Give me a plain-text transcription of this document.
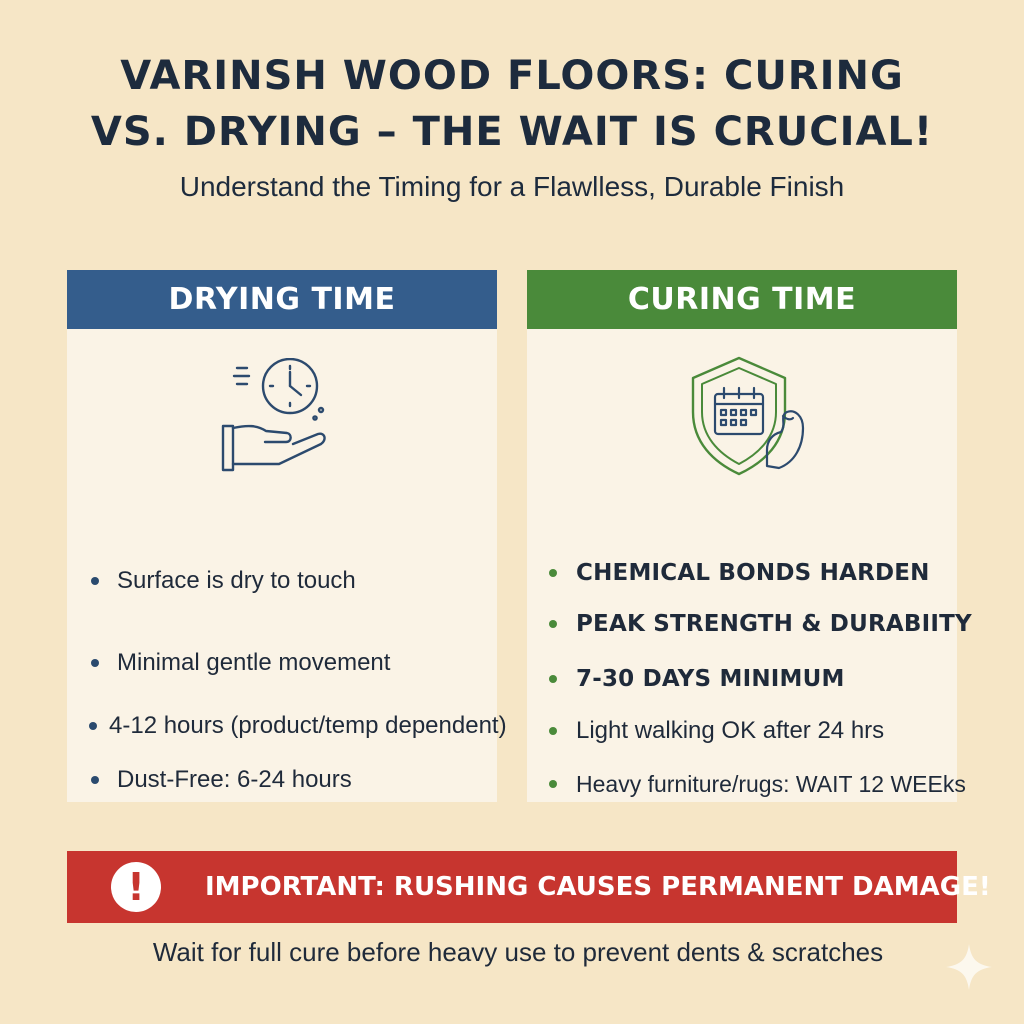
VARINSH WOOD FLOORS: CURING
VS. DRYING – THE WAIT IS CRUCIAL!
Understand the Timing for a Flawlless, Durable Finish
DRYING TIME
Surface is dry to touch
Minimal gentle movement
4-12 hours (product/temp dependent)
Dust-Free: 6-24 hours
CURING TIME
CHEMICAL BONDS HARDEN
PEAK STRENGTH & DURABIITY
7-30 DAYS MINIMUM
Light walking OK after 24 hrs
Heavy furniture/rugs: WAIT 12 WEEks
!	IMPORTANT: RUSHING CAUSES PERMANENT DAMAGE!
Wait for full cure before heavy use to prevent dents & scratches
